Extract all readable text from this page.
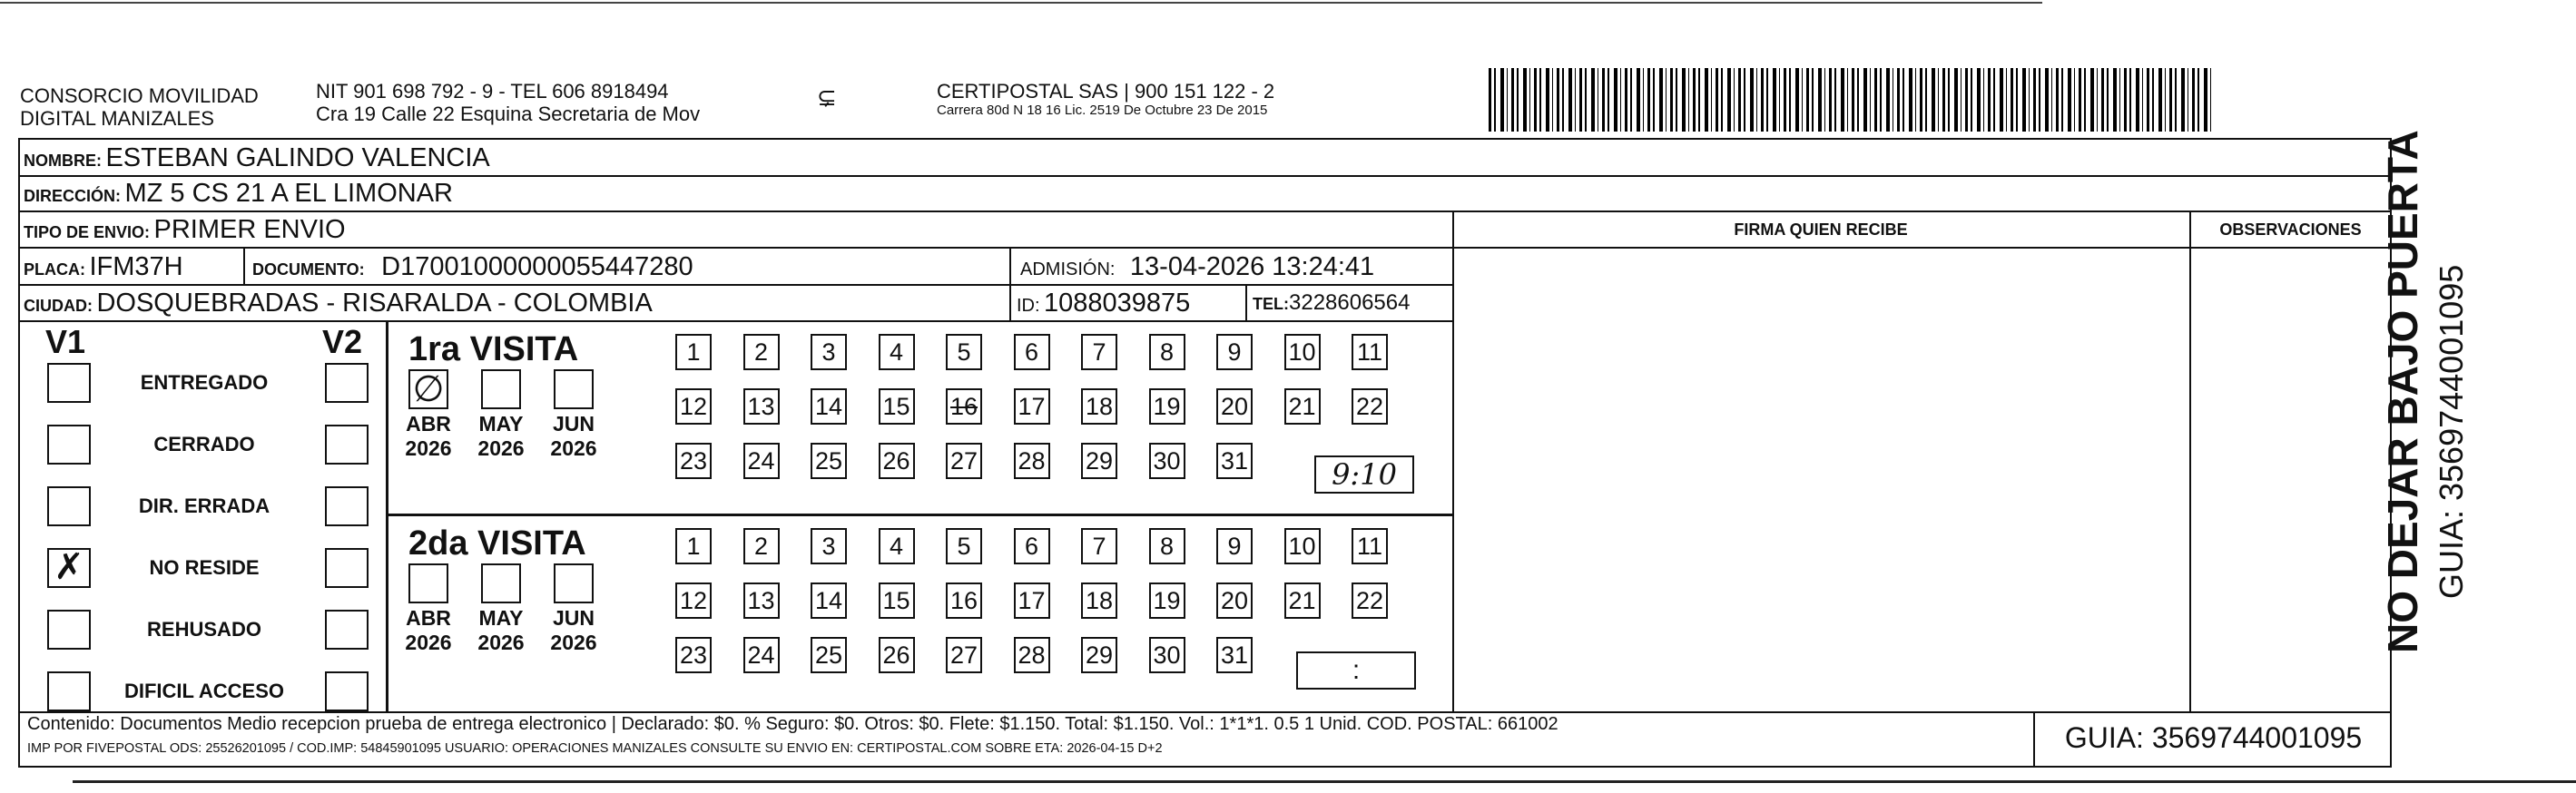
CONSORCIO MOVILIDAD
DIGITAL MANIZALES
NIT 901 698 792 - 9 - TEL 606 8918494
Cra 19 Calle 22 Esquina Secretaria de Mov
⊊	CERTIPOSTAL SAS | 900 151 122 - 2
Carrera 80d N 18 16 Lic. 2519 De Octubre 23 De 2015
NOMBRE: ESTEBAN GALINDO VALENCIA
DIRECCIÓN: MZ 5 CS 21 A EL LIMONAR
TIPO DE ENVIO: PRIMER ENVIO	FIRMA QUIEN RECIBE	OBSERVACIONES
PLACA: IFM37H	DOCUMENTO: D17001000000055447280	ADMISIÓN: 13-04-2026 13:24:41
CIUDAD: DOSQUEBRADAS - RISARALDA - COLOMBIA	ID: 1088039875	TEL:3228606564
V1	V2
ENTREGADO
CERRADO
DIR. ERRADA
✗	NO RESIDE
REHUSADO
DIFICIL ACCESO
1ra VISITA
2da VISITA
∅
ABR
2026
MAY
2026
JUN
2026
1	2	3	4	5	6	7	8	9	10 11
12 13 14 15 16 17 18 19 20 21 22
23 24 25 26 27 28 29 30 31
ABR
2026
MAY
2026
JUN
2026
1	2	3	4	5	6	7	8	9	10 11
12 13 14 15 16 17 18 19 20 21 22
23 24 25 26 27 28 29 30 31
9:10
:
Contenido: Documentos Medio recepcion prueba de entrega electronico | Declarado: $0. % Seguro: $0. Otros: $0. Flete: $1.150. Total: $1.150. Vol.: 1*1*1. 0.5 1 Unid. COD. POSTAL: 661002
IMP POR FIVEPOSTAL ODS: 25526201095 / COD.IMP: 54845901095 USUARIO: OPERACIONES MANIZALES CONSULTE SU ENVIO EN: CERTIPOSTAL.COM SOBRE ETA: 2026-04-15 D+2	GUIA: 3569744001095
NO DEJAR BAJO PUERTA GUIA: 3569744001095
